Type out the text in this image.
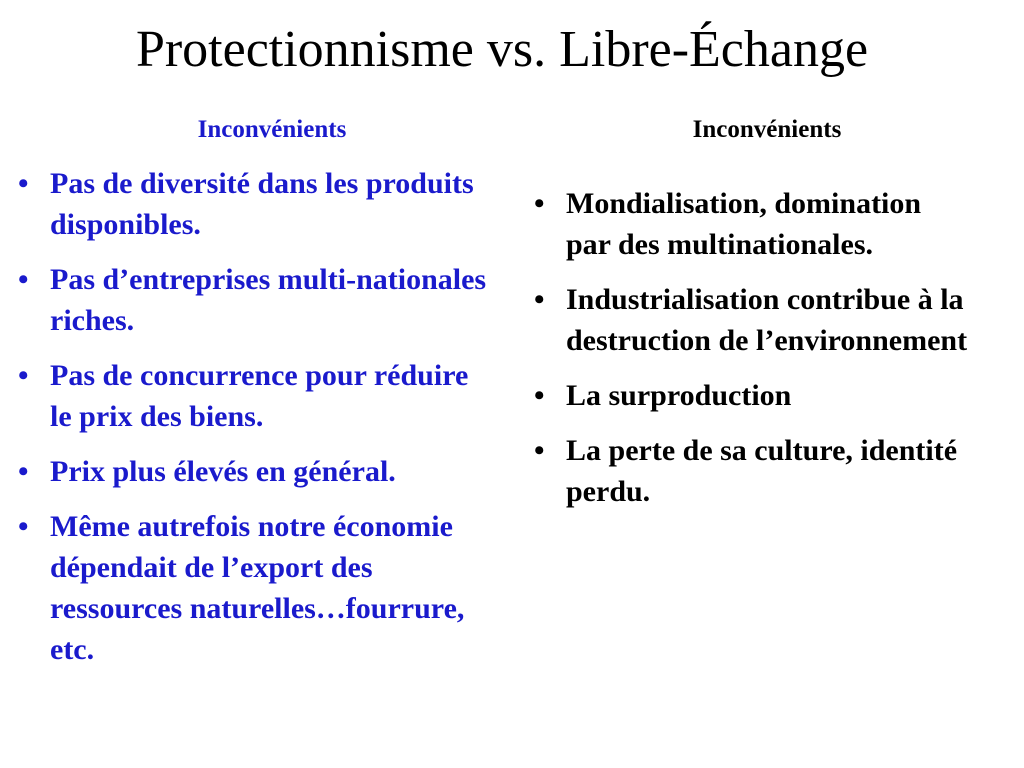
Protectionnisme vs. Libre-Échange
Inconvénients
• Pas de diversité dans les produits disponibles.
• Pas d’entreprises multi-nationales riches.
• Pas de concurrence pour réduire le prix des biens.
• Prix plus élevés en général.
• Même autrefois notre économie dépendait de l’export des ressources naturelles…fourrure, etc.
Inconvénients
• Mondialisation, domination par des multinationales.
• Industrialisation contribue à la destruction de l’environnement
• La surproduction
• La perte de sa culture, identité perdu.
